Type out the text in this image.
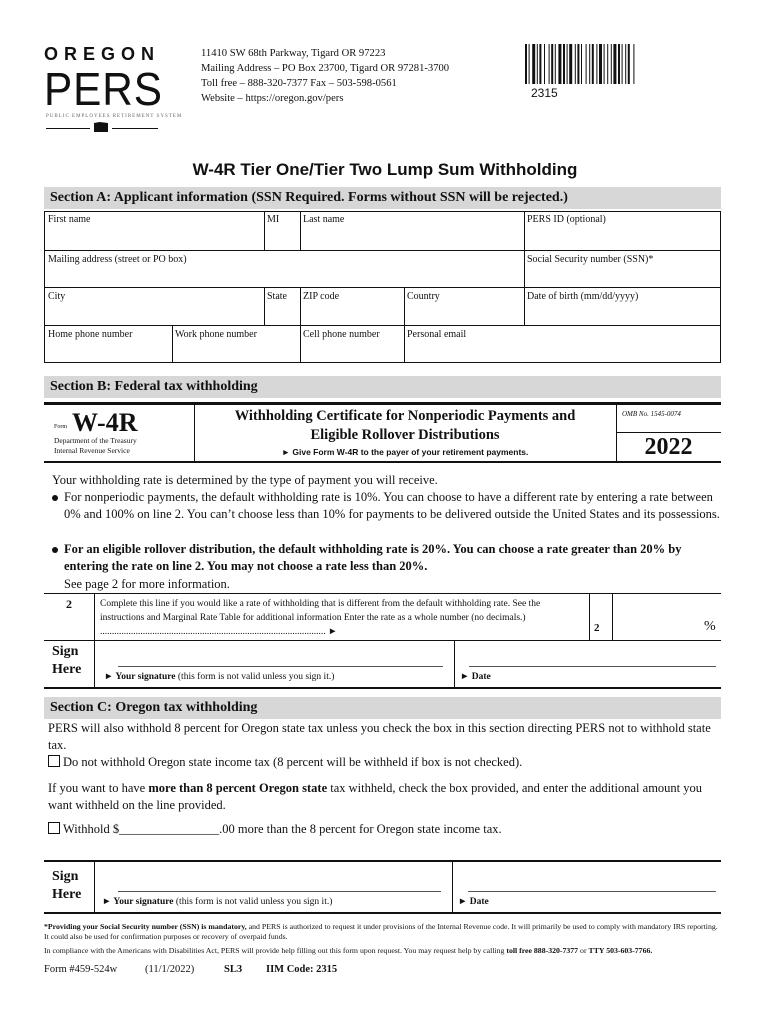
OREGON
PERS
PUBLIC EMPLOYEES RETIREMENT SYSTEM
11410 SW 68th Parkway, Tigard OR 97223
Mailing Address – PO Box 23700, Tigard OR 97281-3700
Toll free – 888-320-7377 Fax – 503-598-0561
Website – https://oregon.gov/pers	2315
W-4R Tier One/Tier Two Lump Sum Withholding
Section A: Applicant information (SSN Required. Forms without SSN will be rejected.)
First name	MI	Last name	PERS ID (optional)
Mailing address (street or PO box)	Social Security number (SSN)*
City	State	ZIP code	Country	Date of birth (mm/dd/yyyy)
Home phone number	Work phone number	Cell phone number	Personal email
Section B: Federal tax withholding
Form W-4R
Department of the Treasury
Internal Revenue Service
Withholding Certificate for Nonperiodic Payments and
Eligible Rollover Distributions
► Give Form W-4R to the payer of your retirement payments.
OMB No. 1545-0074
2022
Your withholding rate is determined by the type of payment you will receive.
For nonperiodic payments, the default withholding rate is 10%. You can choose to have a different rate by entering a rate between 0% and 100% on line 2. You can’t choose less than 10% for payments to be delivered outside the United States and its possessions.
For an eligible rollover distribution, the default withholding rate is 20%. You can choose a rate greater than 20% by entering the rate on line 2. You may not choose a rate less than 20%.
See page 2 for more information.
2	Complete this line if you would like a rate of withholding that is different from the default withholding rate. See the instructions and Marginal Rate Table for additional information Enter the rate as a whole number (no decimals.) ............................................................................................... ►	2	%
Sign
Here ► Your signature (this form is not valid unless you sign it.)	► Date
Section C: Oregon tax withholding
PERS will also withhold 8 percent for Oregon state tax unless you check the box in this section directing PERS not to withhold state tax.
Do not withhold Oregon state income tax (8 percent will be withheld if box is not checked).
If you want to have more than 8 percent Oregon state tax withheld, check the box provided, and enter the additional amount you want withheld on the line provided.
Withhold $________________.00 more than the 8 percent for Oregon state income tax.
Sign
Here ► Your signature (this form is not valid unless you sign it.)	► Date
*Providing your Social Security number (SSN) is mandatory, and PERS is authorized to request it under provisions of the Internal Revenue code. It will primarily be used to comply with mandatory IRS reporting. It could also be used for confirmation purposes or recovery of overpaid funds.
In compliance with the Americans with Disabilities Act, PERS will provide help filling out this form upon request. You may request help by calling toll free 888-320-7377 or TTY 503-603-7766.
Form #459-524w	(11/1/2022)	SL3 IIM Code: 2315
